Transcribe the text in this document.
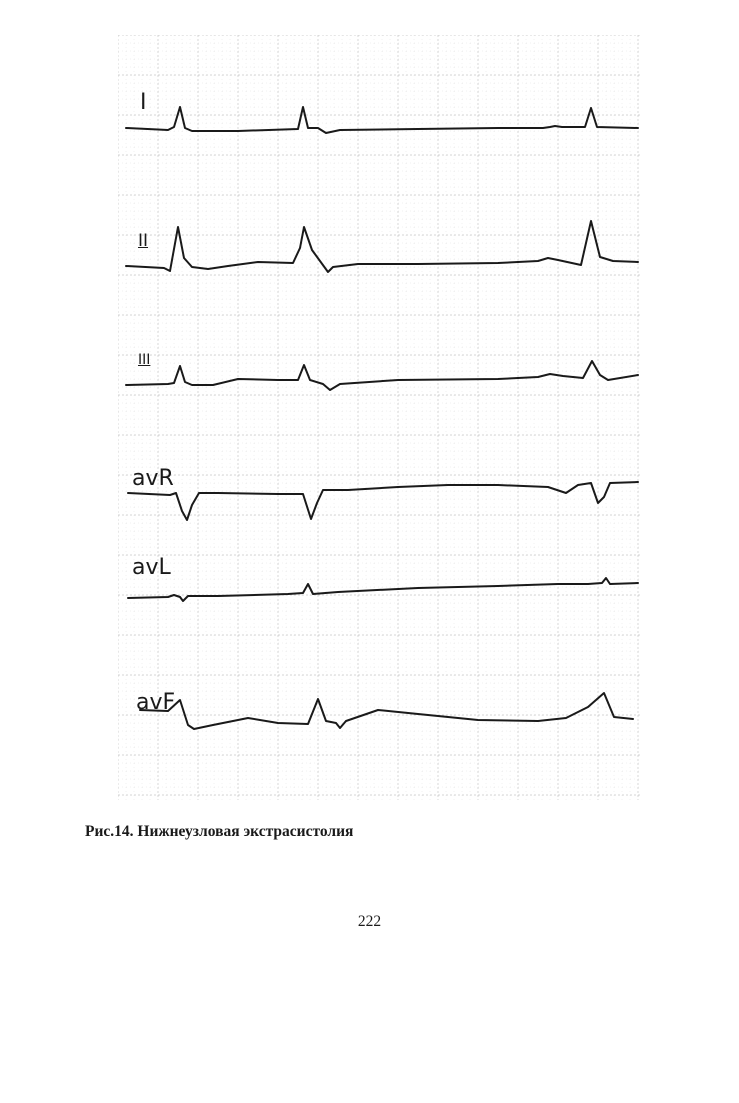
I
II
III
avR
avL
avF
Рис.14. Нижнеузловая экстрасистолия
222
